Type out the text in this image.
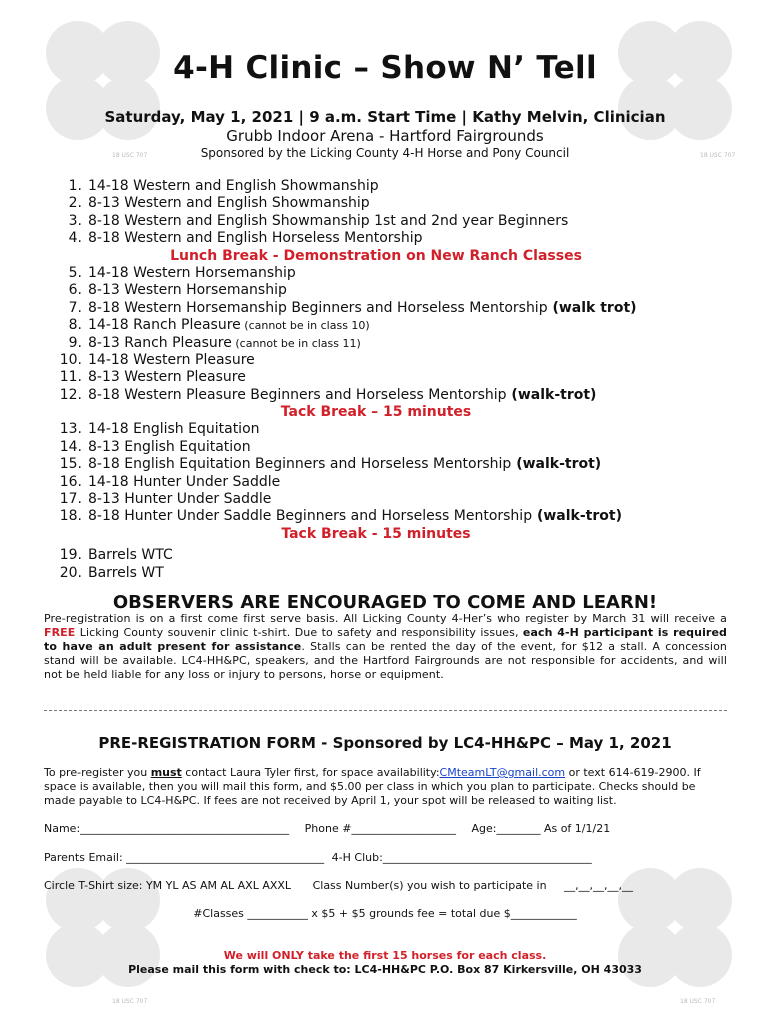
18 USC 707	18 USC 707
18 USC 707	18 USC 707
4-H Clinic – Show N’ Tell
Saturday, May 1, 2021 | 9 a.m. Start Time | Kathy Melvin, Clinician
Grubb Indoor Arena - Hartford Fairgrounds
Sponsored by the Licking County 4-H Horse and Pony Council
1. 14-18 Western and English Showmanship
2. 8-13 Western and English Showmanship
3. 8-18 Western and English Showmanship 1st and 2nd year Beginners
4. 8-18 Western and English Horseless Mentorship
Lunch Break - Demonstration on New Ranch Classes
5. 14-18 Western Horsemanship
6. 8-13 Western Horsemanship
7. 8-18 Western Horsemanship Beginners and Horseless Mentorship (walk trot)
8. 14-18 Ranch Pleasure (cannot be in class 10)
9. 8-13 Ranch Pleasure (cannot be in class 11)
10. 14-18 Western Pleasure
11. 8-13 Western Pleasure
12. 8-18 Western Pleasure Beginners and Horseless Mentorship (walk-trot)
Tack Break – 15 minutes
13. 14-18 English Equitation
14. 8-13 English Equitation
15. 8-18 English Equitation Beginners and Horseless Mentorship (walk-trot)
16. 14-18 Hunter Under Saddle
17. 8-13 Hunter Under Saddle
18. 8-18 Hunter Under Saddle Beginners and Horseless Mentorship (walk-trot)
Tack Break - 15 minutes
19. Barrels WTC
20. Barrels WT
OBSERVERS ARE ENCOURAGED TO COME AND LEARN!
Pre-registration is on a first come first serve basis. All Licking County 4-Her’s who register by March 31 will receive a FREE Licking County souvenir clinic t-shirt. Due to safety and responsibility issues, each 4-H participant is required to have an adult present for assistance. Stalls can be rented the day of the event, for $12 a stall. A concession stand will be available. LC4-HH&PC, speakers, and the Hartford Fairgrounds are not responsible for accidents, and will not be held liable for any loss or injury to persons, horse or equipment.
PRE-REGISTRATION FORM - Sponsored by LC4-HH&PC – May 1, 2021
To pre-register you must contact Laura Tyler first, for space availability:CMteamLT@gmail.com or text 614-619-2900. If space is available, then you will mail this form, and $5.00 per class in which you plan to participate. Checks should be made payable to LC4-H&PC. If fees are not received by April 1, your spot will be released to waiting list.
Name:______________________________________ Phone #___________________ Age:________ As of 1/1/21
Parents Email: ____________________________________ 4-H Club:______________________________________
Circle T-Shirt size: YM YL AS AM AL AXL AXXL Class Number(s) you wish to participate in __,__,__,__,__
#Classes ___________ x $5 + $5 grounds fee = total due $____________
We will ONLY take the first 15 horses for each class.
Please mail this form with check to: LC4-HH&PC P.O. Box 87 Kirkersville, OH 43033
